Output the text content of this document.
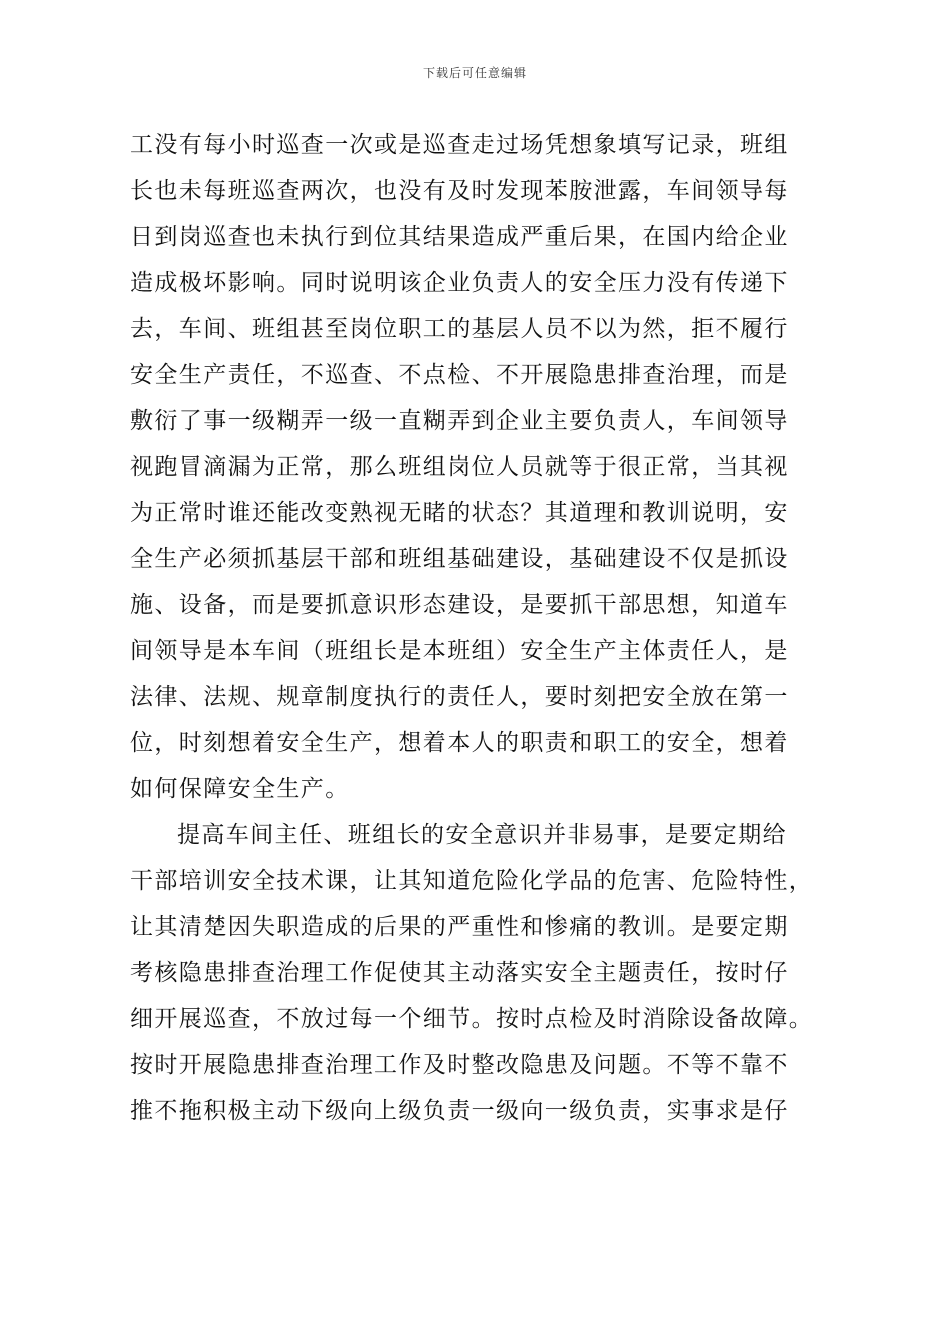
下载后可任意编辑
工没有每小时巡查一次或是巡查走过场凭想象填写记录，班组
长也未每班巡查两次，也没有及时发现苯胺泄露，车间领导每
日到岗巡查也未执行到位其结果造成严重后果，在国内给企业
造成极坏影响。同时说明该企业负责人的安全压力没有传递下
去，车间、班组甚至岗位职工的基层人员不以为然，拒不履行
安全生产责任，不巡查、不点检、不开展隐患排查治理，而是
敷衍了事一级糊弄一级一直糊弄到企业主要负责人，车间领导
视跑冒滴漏为正常，那么班组岗位人员就等于很正常，当其视
为正常时谁还能改变熟视无睹的状态？其道理和教训说明，安
全生产必须抓基层干部和班组基础建设，基础建设不仅是抓设
施、设备，而是要抓意识形态建设，是要抓干部思想，知道车
间领导是本车间（班组长是本班组）安全生产主体责任人，是
法律、法规、规章制度执行的责任人，要时刻把安全放在第一
位，时刻想着安全生产，想着本人的职责和职工的安全，想着
如何保障安全生产。
提高车间主任、班组长的安全意识并非易事，是要定期给
干部培训安全技术课，让其知道危险化学品的危害、危险特性，
让其清楚因失职造成的后果的严重性和惨痛的教训。是要定期
考核隐患排查治理工作促使其主动落实安全主题责任，按时仔
细开展巡查，不放过每一个细节。按时点检及时消除设备故障。
按时开展隐患排查治理工作及时整改隐患及问题。不等不靠不
推不拖积极主动下级向上级负责一级向一级负责，实事求是仔
